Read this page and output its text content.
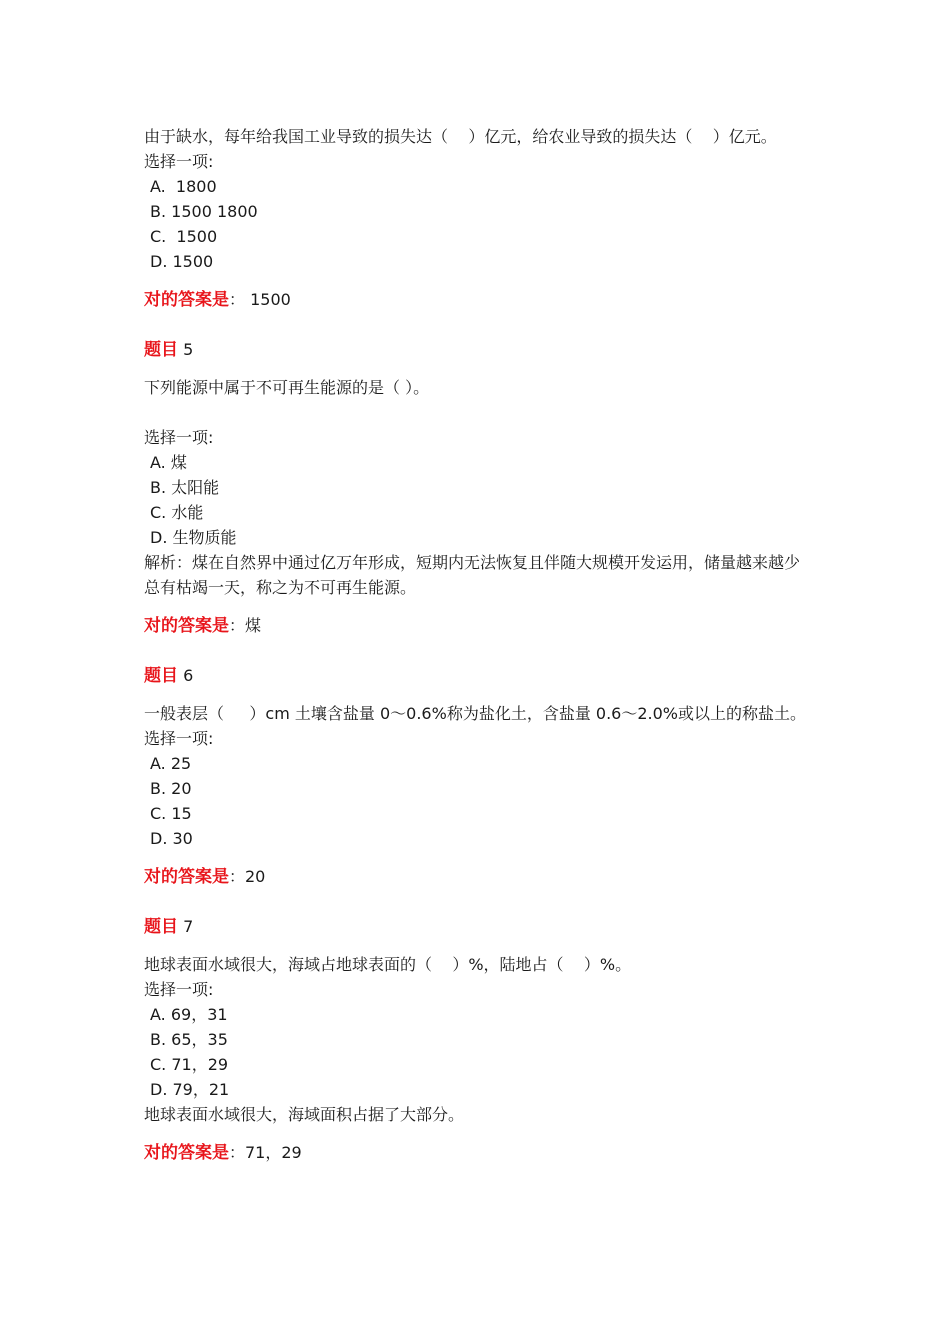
由于缺水，每年给我国工业导致的损失达（    ）亿元，给农业导致的损失达（    ）亿元。

选择一项:

A.  1800

B. 1500 1800

C.  1500

D. 1500

对的答案是： 1500
题目 5

下列能源中属于不可再生能源的是（ ）。

选择一项:

A. 煤

B. 太阳能

C. 水能

D. 生物质能

解析：煤在自然界中通过亿万年形成，短期内无法恢复且伴随大规模开发运用，储量越来越少总有枯竭一天，称之为不可再生能源。

对的答案是：煤
题目 6

一般表层（     ）cm 土壤含盐量 0～0.6%称为盐化土，含盐量 0.6～2.0%或以上的称盐土。

选择一项:

A. 25

B. 20

C. 15

D. 30

对的答案是：20
题目 7

地球表面水域很大，海域占地球表面的（    ）%，陆地占（    ）%。

选择一项:

A. 69，31

B. 65，35

C. 71，29

D. 79，21

地球表面水域很大，海域面积占据了大部分。

对的答案是：71，29
